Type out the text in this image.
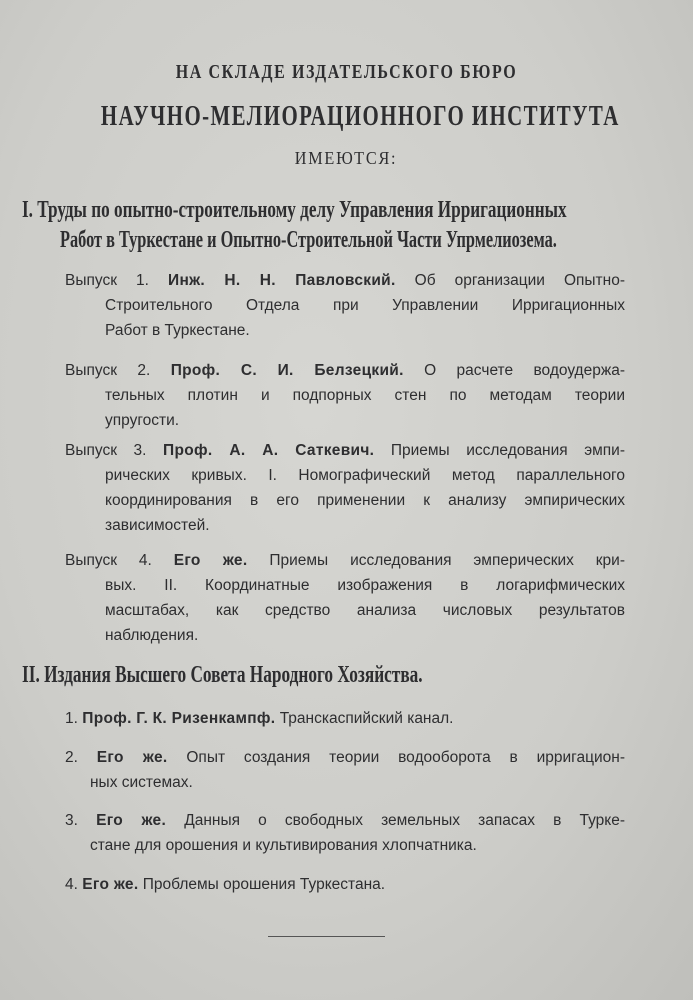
НА СКЛАДЕ ИЗДАТЕЛЬСКОГО БЮРО
НАУЧНО-МЕЛИОРАЦИОННОГО ИНСТИТУТА
ИМЕЮТСЯ:
I. Труды по опытно-строительному делу Управления Ирригационных
Работ в Туркестане и Опытно-Строительной Части Упрмелиозема.
Выпуск 1. Инж. Н. Н. Павловский. Об организации Опытно-
Строительного Отдела при Управлении Ирригационных
Работ в Туркестане.
Выпуск 2. Проф. С. И. Белзецкий. О расчете водоудержа-
тельных плотин и подпорных стен по методам теории
упругости.
Выпуск 3. Проф. А. А. Саткевич. Приемы исследования эмпи-
рических кривых. I. Номографический метод параллельного
координирования в его применении к анализу эмпирических
зависимостей.
Выпуск 4. Его же. Приемы исследования эмперических кри-
вых. II. Координатные изображения в логарифмических
масштабах, как средство анализа числовых результатов
наблюдения.
II. Издания Высшего Совета Народного Хозяйства.
1. Проф. Г. К. Ризенкампф. Транскаспийский канал.
2. Его же. Опыт создания теории водооборота в ирригацион-
ных системах.
3. Его же. Данныя о свободных земельных запасах в Турке-
стане для орошения и культивирования хлопчатника.
4. Его же. Проблемы орошения Туркестана.
